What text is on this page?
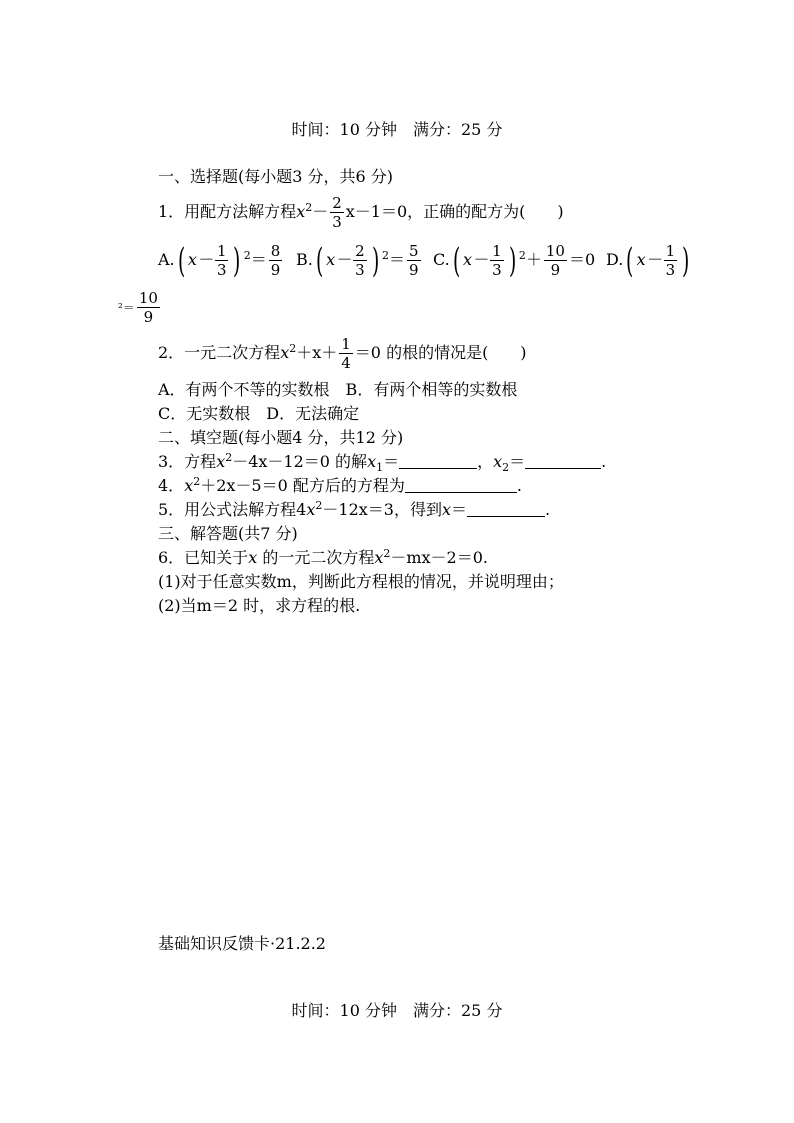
时间：10 分钟　满分：25 分
一、选择题(每小题3 分，共6 分)
1．用配方法解方程$x^2- \frac{2}{3} x-1=0$，正确的配方为(　　)
A.( $x- \frac{1}{3}$ ) $^2= \frac{8}{9} B$.( $x- \frac{2}{3}$ ) $^2= \frac{5}{9} C$.( $x- \frac{1}{3}$ ) $^2+ \frac{10}{9} =0$ D.( $x- \frac{1}{3}$ )
$^2= \frac{10}{9}$
2．一元二次方程$x^2+x+ \frac{1}{4} =0$ 的根的情况是(　　)
A．有两个不等的实数根　B．有两个相等的实数根
C．无实数根　D．无法确定
二、填空题(每小题4 分，共12 分)
3．方程$x^2-4x-12=0$ 的解$x_1=$	，$x_2=$	.
4．$x^2+2x-5=0$ 配方后的方程为	.
5．用公式法解方程$4x^2-12x=3$，得到x＝	.
三、解答题(共7 分)
6．已知关于x 的一元二次方程$x^2-mx-2=0$.
(1)对于任意实数m，判断此方程根的情况，并说明理由；
(2)当m＝2 时，求方程的根.
基础知识反馈卡·21.2.2
时间：10 分钟　满分：25 分
